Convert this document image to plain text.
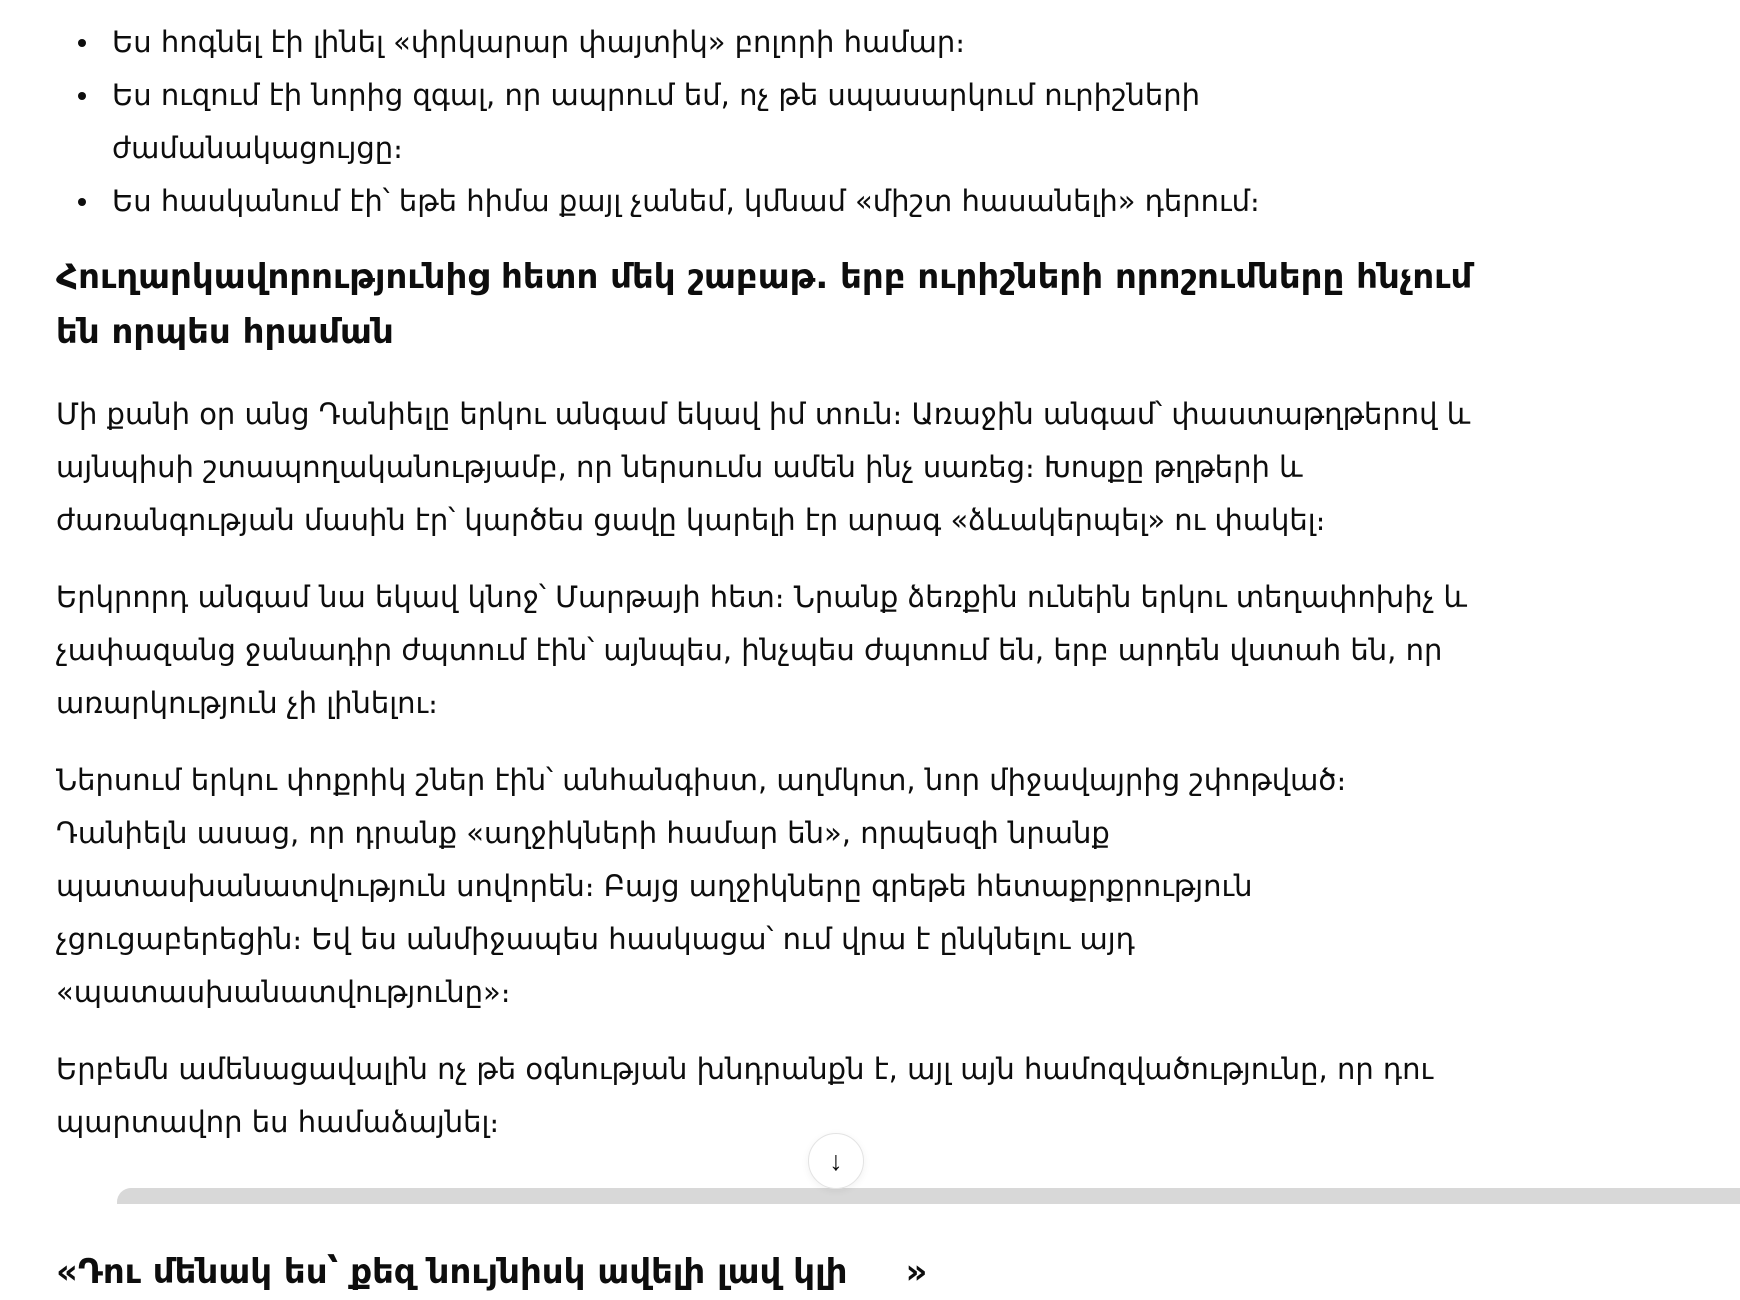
Ես հոգնել էի լինել «փրկարար փայտիկ» բոլորի համար։
Ես ուզում էի նորից զգալ, որ ապրում եմ, ոչ թե սպասարկում ուրիշների ժամանակացույցը։
Ես հասկանում էի՝ եթե հիմա քայլ չանեմ, կմնամ «միշտ հասանելի» դերում։
Հուղարկավորությունից հետո մեկ շաբաթ. երբ ուրիշների որոշումները հնչում են որպես հրաման

Մի քանի օր անց Դանիելը երկու անգամ եկավ իմ տուն։ Առաջին անգամ՝ փաստաթղթերով և այնպիսի շտապողականությամբ, որ ներսումս ամեն ինչ սառեց։ Խոսքը թղթերի և ժառանգության մասին էր՝ կարծես ցավը կարելի էր արագ «ձևակերպել» ու փակել։

Երկրորդ անգամ նա եկավ կնոջ՝ Մարթայի հետ։ Նրանք ձեռքին ունեին երկու տեղափոխիչ և չափազանց ջանադիր ժպտում էին՝ այնպես, ինչպես ժպտում են, երբ արդեն վստահ են, որ առարկություն չի լինելու։

Ներսում երկու փոքրիկ շներ էին՝ անհանգիստ, աղմկոտ, նոր միջավայրից շփոթված։ Դանիելն ասաց, որ դրանք «աղջիկների համար են», որպեսզի նրանք պատասխանատվություն սովորեն։ Բայց աղջիկները գրեթե հետաքրքրություն չցուցաբերեցին։ Եվ ես անմիջապես հասկացա՝ ում վրա է ընկնելու այդ «պատասխանատվությունը»։

Երբեմն ամենացավալին ոչ թե օգնության խնդրանքն է, այլ այն համոզվածությունը, որ դու պարտավոր ես համաձայնել։

«Դու մենակ ես՝ քեզ նույնիսկ ավելի լավ կլի »
↓
